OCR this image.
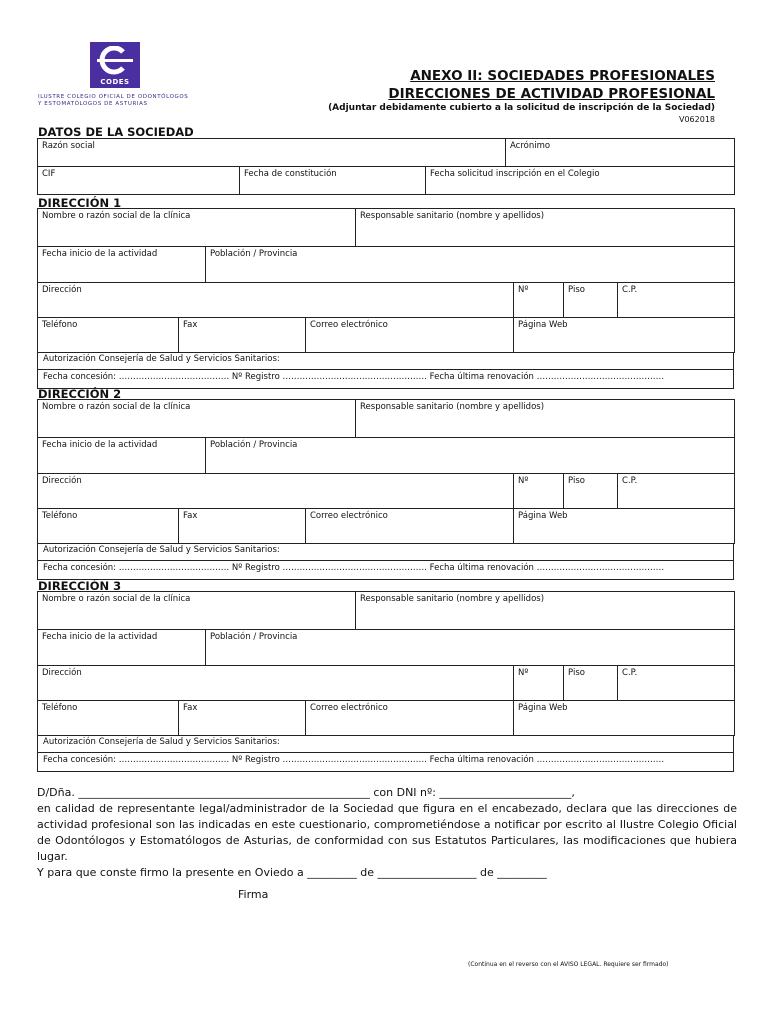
CODES
ILUSTRE COLEGIO OFICIAL DE ODONTÓLOGOS
Y ESTOMATÓLOGOS DE ASTURIAS
ANEXO II: SOCIEDADES PROFESIONALES
DIRECCIONES DE ACTIVIDAD PROFESIONAL
(Adjuntar debidamente cubierto a la solicitud de inscripción de la Sociedad)
V062018
DATOS DE LA SOCIEDAD
Razón social			Acrónimo
CIF	Fecha de constitución	Fecha solicitud inscripción en el Colegio	
DIRECCIÓN 1
Nombre o razón social de la clínica				Responsable sanitario (nombre y apellidos)			
Fecha inicio de la actividad		Población / Provincia					
Dirección					Nº	Piso	C.P.
Teléfono	Fax		Correo electrónico		Página Web		
Autorización Consejería de Salud y Servicios Sanitarios:
Fecha concesión: ………………………………… Nº Registro …………………………………………… Fecha última renovación ………………………………………
DIRECCIÓN 2
Nombre o razón social de la clínica				Responsable sanitario (nombre y apellidos)			
Fecha inicio de la actividad		Población / Provincia					
Dirección					Nº	Piso	C.P.
Teléfono	Fax		Correo electrónico		Página Web		
Autorización Consejería de Salud y Servicios Sanitarios:
Fecha concesión: ………………………………… Nº Registro …………………………………………… Fecha última renovación ………………………………………
DIRECCIÓN 3
Nombre o razón social de la clínica				Responsable sanitario (nombre y apellidos)			
Fecha inicio de la actividad		Población / Provincia					
Dirección					Nº	Piso	C.P.
Teléfono	Fax		Correo electrónico		Página Web		
Autorización Consejería de Salud y Servicios Sanitarios:
Fecha concesión: ………………………………… Nº Registro …………………………………………… Fecha última renovación ………………………………………

D/Dña. _____________________________________________________ con DNI nº: ________________________,

en calidad de representante legal/administrador de la Sociedad que figura en el encabezado, declara que las direcciones de actividad profesional son las indicadas en este cuestionario, comprometiéndose a notificar por escrito al Ilustre Colegio Oficial de Odontólogos y Estomatólogos de Asturias, de conformidad con sus Estatutos Particulares, las modificaciones que hubiera lugar.

Y para que conste firmo la presente en Oviedo a _________ de __________________ de _________

Firma
(Continua en el reverso con el AVISO LEGAL. Requiere ser firmado)
